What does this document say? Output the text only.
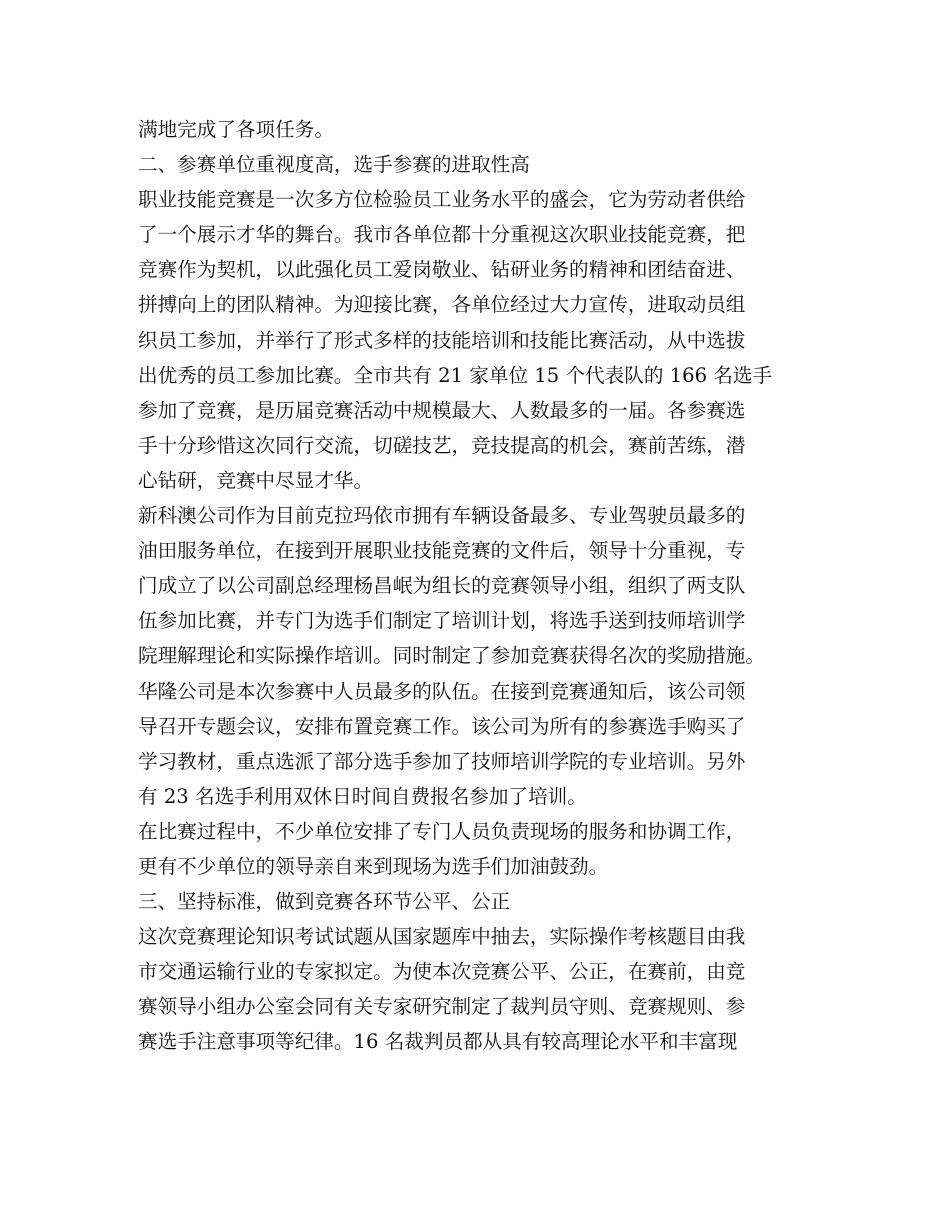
满地完成了各项任务。
二、参赛单位重视度高，选手参赛的进取性高
职业技能竞赛是一次多方位检验员工业务水平的盛会，它为劳动者供给
了一个展示才华的舞台。我市各单位都十分重视这次职业技能竞赛，把
竞赛作为契机，以此强化员工爱岗敬业、钻研业务的精神和团结奋进、
拼搏向上的团队精神。为迎接比赛，各单位经过大力宣传，进取动员组
织员工参加，并举行了形式多样的技能培训和技能比赛活动，从中选拔
出优秀的员工参加比赛。全市共有 21 家单位 15 个代表队的 166 名选手
参加了竞赛，是历届竞赛活动中规模最大、人数最多的一届。各参赛选
手十分珍惜这次同行交流，切磋技艺，竞技提高的机会，赛前苦练，潜
心钻研，竞赛中尽显才华。
新科澳公司作为目前克拉玛依市拥有车辆设备最多、专业驾驶员最多的
油田服务单位，在接到开展职业技能竞赛的文件后，领导十分重视，专
门成立了以公司副总经理杨昌岷为组长的竞赛领导小组，组织了两支队
伍参加比赛，并专门为选手们制定了培训计划，将选手送到技师培训学
院理解理论和实际操作培训。同时制定了参加竞赛获得名次的奖励措施。
华隆公司是本次参赛中人员最多的队伍。在接到竞赛通知后，该公司领
导召开专题会议，安排布置竞赛工作。该公司为所有的参赛选手购买了
学习教材，重点选派了部分选手参加了技师培训学院的专业培训。另外
有 23 名选手利用双休日时间自费报名参加了培训。
在比赛过程中，不少单位安排了专门人员负责现场的服务和协调工作，
更有不少单位的领导亲自来到现场为选手们加油鼓劲。
三、坚持标准，做到竞赛各环节公平、公正
这次竞赛理论知识考试试题从国家题库中抽去，实际操作考核题目由我
市交通运输行业的专家拟定。为使本次竞赛公平、公正，在赛前，由竞
赛领导小组办公室会同有关专家研究制定了裁判员守则、竞赛规则、参
赛选手注意事项等纪律。16 名裁判员都从具有较高理论水平和丰富现
